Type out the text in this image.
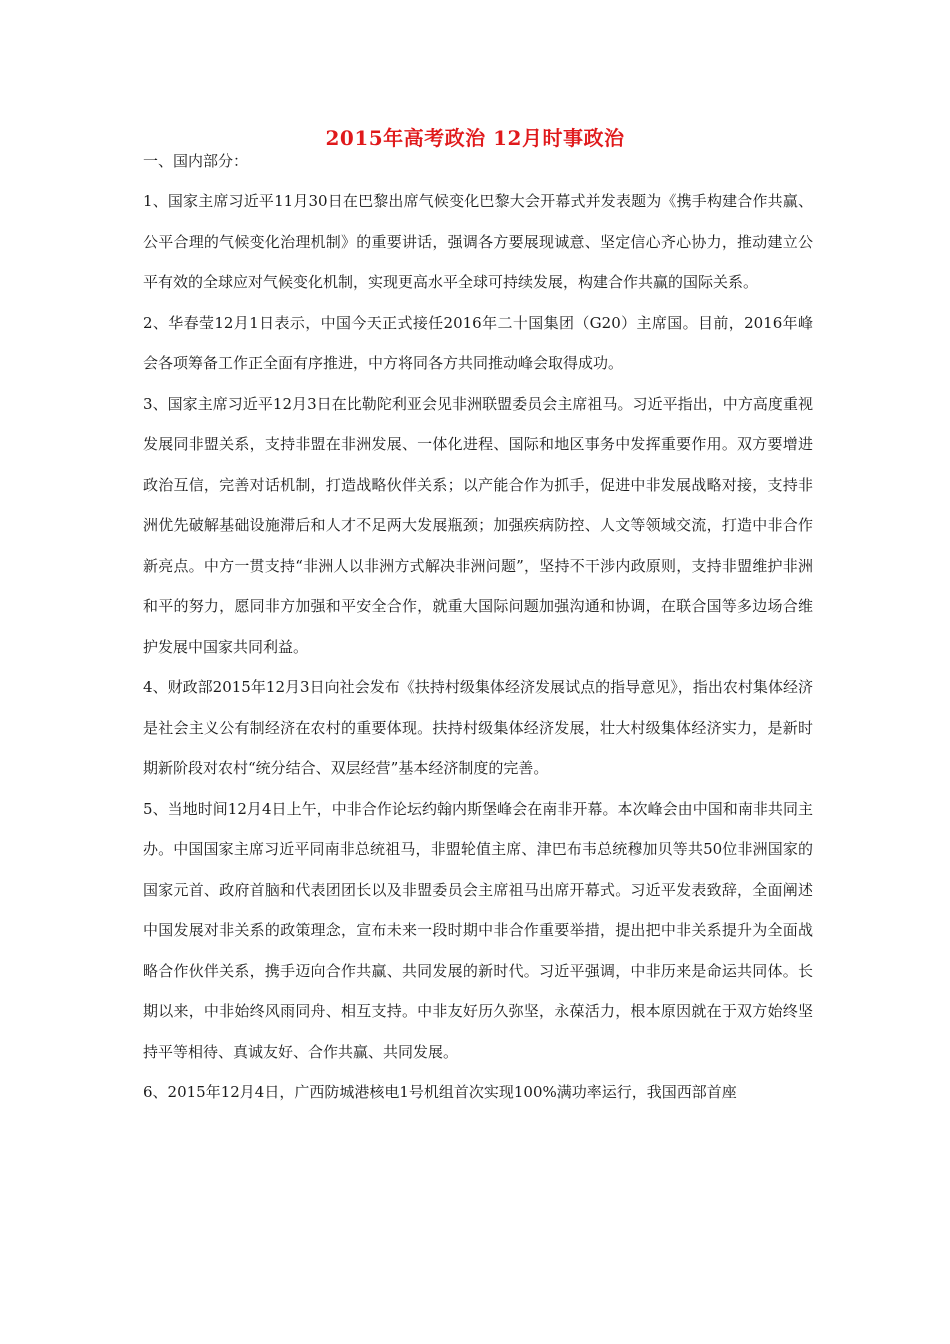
2015年高考政治 12月时事政治
一、国内部分：

1、国家主席习近平11月30日在巴黎出席气候变化巴黎大会开幕式并发表题为《携手构建合作共赢、公平合理的气候变化治理机制》的重要讲话，强调各方要展现诚意、坚定信心齐心协力，推动建立公平有效的全球应对气候变化机制，实现更高水平全球可持续发展，构建合作共赢的国际关系。

2、华春莹12月1日表示，中国今天正式接任2016年二十国集团（G20）主席国。目前，2016年峰会各项筹备工作正全面有序推进，中方将同各方共同推动峰会取得成功。

3、国家主席习近平12月3日在比勒陀利亚会见非洲联盟委员会主席祖马。习近平指出，中方高度重视发展同非盟关系，支持非盟在非洲发展、一体化进程、国际和地区事务中发挥重要作用。双方要增进政治互信，完善对话机制，打造战略伙伴关系；以产能合作为抓手，促进中非发展战略对接，支持非洲优先破解基础设施滞后和人才不足两大发展瓶颈；加强疾病防控、人文等领域交流，打造中非合作新亮点。中方一贯支持“非洲人以非洲方式解决非洲问题”，坚持不干涉内政原则，支持非盟维护非洲和平的努力，愿同非方加强和平安全合作，就重大国际问题加强沟通和协调，在联合国等多边场合维护发展中国家共同利益。

4、财政部2015年12月3日向社会发布《扶持村级集体经济发展试点的指导意见》，指出农村集体经济是社会主义公有制经济在农村的重要体现。扶持村级集体经济发展，壮大村级集体经济实力，是新时期新阶段对农村“统分结合、双层经营”基本经济制度的完善。

5、当地时间12月4日上午，中非合作论坛约翰内斯堡峰会在南非开幕。本次峰会由中国和南非共同主办。中国国家主席习近平同南非总统祖马，非盟轮值主席、津巴布韦总统穆加贝等共50位非洲国家的国家元首、政府首脑和代表团团长以及非盟委员会主席祖马出席开幕式。习近平发表致辞，全面阐述中国发展对非关系的政策理念，宣布未来一段时期中非合作重要举措，提出把中非关系提升为全面战略合作伙伴关系，携手迈向合作共赢、共同发展的新时代。习近平强调，中非历来是命运共同体。长期以来，中非始终风雨同舟、相互支持。中非友好历久弥坚，永葆活力，根本原因就在于双方始终坚持平等相待、真诚友好、合作共赢、共同发展。

6、2015年12月4日，广西防城港核电1号机组首次实现100%满功率运行，我国西部首座
